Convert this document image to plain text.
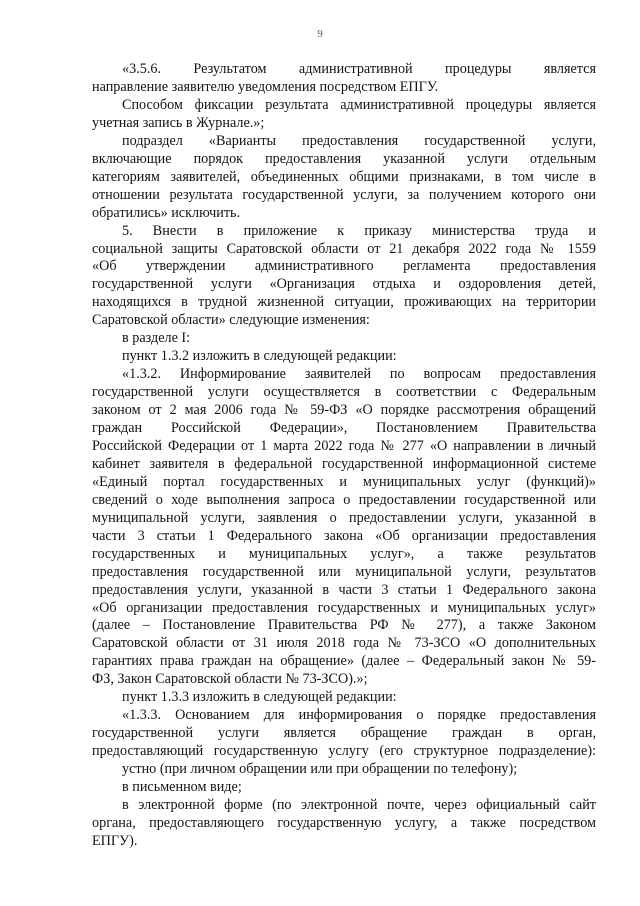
9
«3.5.6. Результатом административной процедуры является
направление заявителю уведомления посредством ЕПГУ.
Способом фиксации результата административной процедуры является
учетная запись в Журнале.»;
подраздел «Варианты предоставления государственной услуги,
включающие порядок предоставления указанной услуги отдельным
категориям заявителей, объединенных общими признаками, в том числе в
отношении результата государственной услуги, за получением которого они
обратились» исключить.
5. Внести в приложение к приказу министерства труда и
социальной защиты Саратовской области от 21 декабря 2022 года № 1559
«Об утверждении административного регламента предоставления
государственной услуги «Организация отдыха и оздоровления детей,
находящихся в трудной жизненной ситуации, проживающих на территории
Саратовской области» следующие изменения:
в разделе I:
пункт 1.3.2 изложить в следующей редакции:
«1.3.2. Информирование заявителей по вопросам предоставления
государственной услуги осуществляется в соответствии с Федеральным
законом от 2 мая 2006 года № 59-ФЗ «О порядке рассмотрения обращений
граждан Российской Федерации», Постановлением Правительства
Российской Федерации от 1 марта 2022 года № 277 «О направлении в личный
кабинет заявителя в федеральной государственной информационной системе
«Единый портал государственных и муниципальных услуг (функций)»
сведений о ходе выполнения запроса о предоставлении государственной или
муниципальной услуги, заявления о предоставлении услуги, указанной в
части 3 статьи 1 Федерального закона «Об организации предоставления
государственных и муниципальных услуг», а также результатов
предоставления государственной или муниципальной услуги, результатов
предоставления услуги, указанной в части 3 статьи 1 Федерального закона
«Об организации предоставления государственных и муниципальных услуг»
(далее – Постановление Правительства РФ № 277), а также Законом
Саратовской области от 31 июля 2018 года № 73-ЗСО «О дополнительных
гарантиях права граждан на обращение» (далее – Федеральный закон № 59-
ФЗ, Закон Саратовской области № 73-ЗСО).»;
пункт 1.3.3 изложить в следующей редакции:
«1.3.3. Основанием для информирования о порядке предоставления
государственной услуги является обращение граждан в орган,
предоставляющий государственную услугу (его структурное подразделение):
устно (при личном обращении или при обращении по телефону);
в письменном виде;
в электронной форме (по электронной почте, через официальный сайт
органа, предоставляющего государственную услугу, а также посредством
ЕПГУ).
